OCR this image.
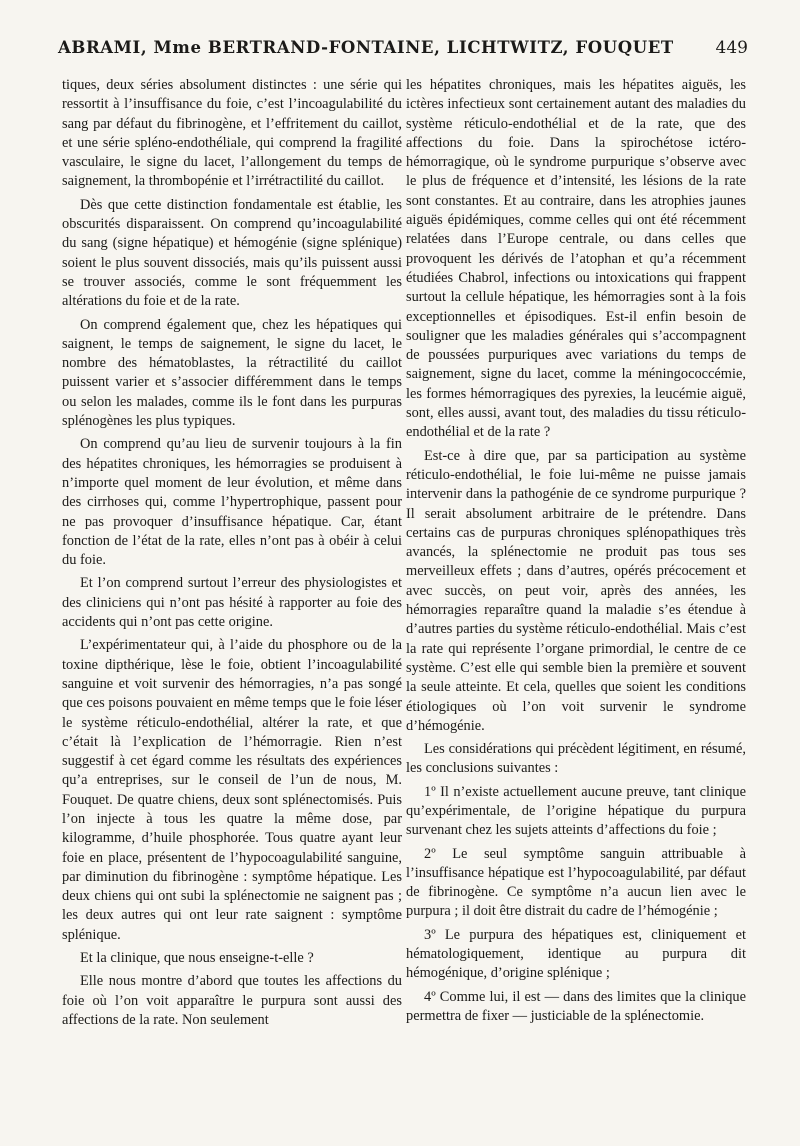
ABRAMI, Mme BERTRAND-FONTAINE, LICHTWITZ, FOUQUET 449

tiques, deux séries absolument distinctes : une série qui ressortit à l’insuffisance du foie, c’est l’incoagulabilité du sang par défaut du fibrinogène, et l’effritement du caillot, et une série spléno-endothéliale, qui comprend la fragilité vasculaire, le signe du lacet, l’allongement du temps de saignement, la thrombopénie et l’irrétractilité du caillot.

Dès que cette distinction fondamentale est établie, les obscurités disparaissent. On comprend qu’incoagulabilité du sang (signe hépatique) et hémogénie (signe splénique) soient le plus souvent dissociés, mais qu’ils puissent aussi se trouver associés, comme le sont fréquemment les altérations du foie et de la rate.

On comprend également que, chez les hépatiques qui saignent, le temps de saignement, le signe du lacet, le nombre des hématoblastes, la rétractilité du caillot puissent varier et s’associer différemment dans le temps ou selon les malades, comme ils le font dans les purpuras splénogènes les plus typiques.

On comprend qu’au lieu de survenir toujours à la fin des hépatites chroniques, les hémorragies se produisent à n’importe quel moment de leur évolution, et même dans des cirrhoses qui, comme l’hypertrophique, passent pour ne pas provoquer d’insuffisance hépatique. Car, étant fonction de l’état de la rate, elles n’ont pas à obéir à celui du foie.

Et l’on comprend surtout l’erreur des physiologistes et des cliniciens qui n’ont pas hésité à rapporter au foie des accidents qui n’ont pas cette origine.

L’expérimentateur qui, à l’aide du phosphore ou de la toxine dipthérique, lèse le foie, obtient l’incoagulabilité sanguine et voit survenir des hémorragies, n’a pas songé que ces poisons pouvaient en même temps que le foie léser le système réticulo-endothélial, altérer la rate, et que c’était là l’explication de l’hémorragie. Rien n’est suggestif à cet égard comme les résultats des expériences qu’a entreprises, sur le conseil de l’un de nous, M. Fouquet. De quatre chiens, deux sont splénectomisés. Puis l’on injecte à tous les quatre la même dose, par kilogramme, d’huile phosphorée. Tous quatre ayant leur foie en place, présentent de l’hypocoagulabilité sanguine, par diminution du fibrinogène : symptôme hépatique. Les deux chiens qui ont subi la splénectomie ne saignent pas ; les deux autres qui ont leur rate saignent : symptôme splénique.

Et la clinique, que nous enseigne-t-elle ?

Elle nous montre d’abord que toutes les affections du foie où l’on voit apparaître le purpura sont aussi des affections de la rate. Non seulement

les hépatites chroniques, mais les hépatites aiguës, les ictères infectieux sont certainement autant des maladies du système réticulo-endothélial et de la rate, que des affections du foie. Dans la spirochétose ictéro-hémorragique, où le syndrome purpurique s’observe avec le plus de fréquence et d’intensité, les lésions de la rate sont constantes. Et au contraire, dans les atrophies jaunes aiguës épidémiques, comme celles qui ont été récemment relatées dans l’Europe centrale, ou dans celles que provoquent les dérivés de l’atophan et qu’a récemment étudiées Chabrol, infections ou intoxications qui frappent surtout la cellule hépatique, les hémorragies sont à la fois exceptionnelles et épisodiques. Est-il enfin besoin de souligner que les maladies générales qui s’accompagnent de poussées purpuriques avec variations du temps de saignement, signe du lacet, comme la méningococcémie, les formes hémorragiques des pyrexies, la leucémie aiguë, sont, elles aussi, avant tout, des maladies du tissu réticulo-endothélial et de la rate ?

Est-ce à dire que, par sa participation au système réticulo-endothélial, le foie lui-même ne puisse jamais intervenir dans la pathogénie de ce syndrome purpurique ? Il serait absolument arbitraire de le prétendre. Dans certains cas de purpuras chroniques splénopathiques très avancés, la splénectomie ne produit pas tous ses merveilleux effets ; dans d’autres, opérés précocement et avec succès, on peut voir, après des années, les hémorragies reparaître quand la maladie s’es étendue à d’autres parties du système réticulo-endothélial. Mais c’est la rate qui représente l’organe primordial, le centre de ce système. C’est elle qui semble bien la première et souvent la seule atteinte. Et cela, quelles que soient les conditions étiologiques où l’on voit survenir le syndrome d’hémogénie.

Les considérations qui précèdent légitiment, en résumé, les conclusions suivantes :

1º Il n’existe actuellement aucune preuve, tant clinique qu’expérimentale, de l’origine hépatique du purpura survenant chez les sujets atteints d’affections du foie ;

2º Le seul symptôme sanguin attribuable à l’insuffisance hépatique est l’hypocoagulabilité, par défaut de fibrinogène. Ce symptôme n’a aucun lien avec le purpura ; il doit être distrait du cadre de l’hémogénie ;

3º Le purpura des hépatiques est, cliniquement et hématologiquement, identique au purpura dit hémogénique, d’origine splénique ;

4º Comme lui, il est — dans des limites que la clinique permettra de fixer — justiciable de la splénectomie.
